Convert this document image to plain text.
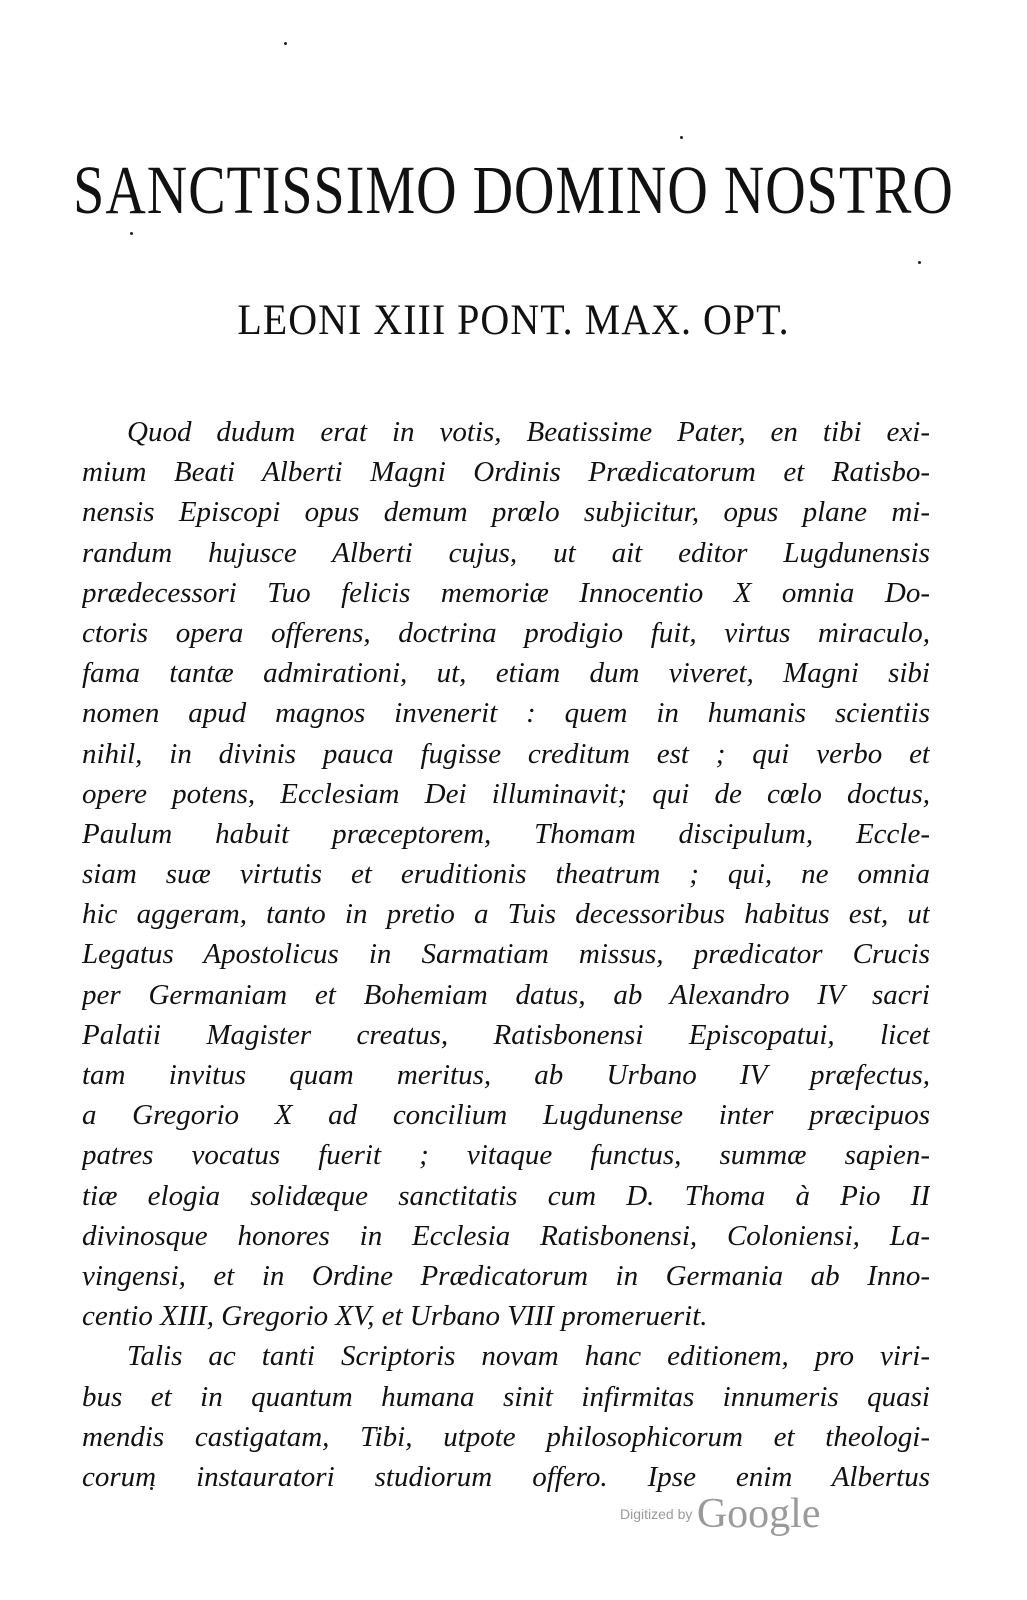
SANCTISSIMO DOMINO NOSTRO
LEONI XIII PONT. MAX. OPT.
Quod dudum erat in votis, Beatissime Pater, en tibi exi-
mium Beati Alberti Magni Ordinis Prædicatorum et Ratisbo-
nensis Episcopi opus demum prœlo subjicitur, opus plane mi-
randum hujusce Alberti cujus, ut ait editor Lugdunensis
prædecessori Tuo felicis memoriæ Innocentio X omnia Do-
ctoris opera offerens, doctrina prodigio fuit, virtus miraculo,
fama tantæ admirationi, ut, etiam dum viveret, Magni sibi
nomen apud magnos invenerit : quem in humanis scientiis
nihil, in divinis pauca fugisse creditum est ; qui verbo et
opere potens, Ecclesiam Dei illuminavit; qui de cœlo doctus,
Paulum habuit præceptorem, Thomam discipulum, Eccle-
siam suæ virtutis et eruditionis theatrum ; qui, ne omnia
hic aggeram, tanto in pretio a Tuis decessoribus habitus est, ut
Legatus Apostolicus in Sarmatiam missus, prædicator Crucis
per Germaniam et Bohemiam datus, ab Alexandro IV sacri
Palatii Magister creatus, Ratisbonensi Episcopatui, licet
tam invitus quam meritus, ab Urbano IV præfectus,
a Gregorio X ad concilium Lugdunense inter præcipuos
patres vocatus fuerit ; vitaque functus, summæ sapien-
tiæ elogia solidæque sanctitatis cum D. Thoma à Pio II
divinosque honores in Ecclesia Ratisbonensi, Coloniensi, La-
vingensi, et in Ordine Prædicatorum in Germania ab Inno-
centio XIII, Gregorio XV, et Urbano VIII promeruerit.
Talis ac tanti Scriptoris novam hanc editionem, pro viri-
bus et in quantum humana sinit infirmitas innumeris quasi
mendis castigatam, Tibi, utpote philosophicorum et theologi-
corum instauratori studiorum offero. Ipse enim Albertus
Digitized by Google
